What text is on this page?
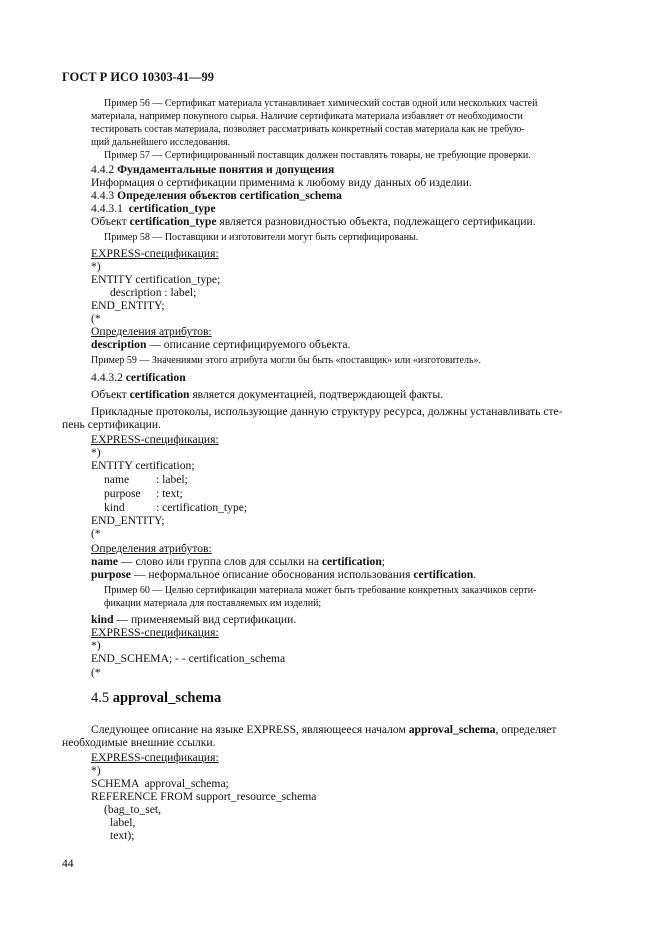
ГОСТ Р ИСО 10303-41—99
Пример 56 — Сертификат материала устанавливает химический состав одной или нескольких частей
материала, например покупного сырья. Наличие сертификата материала избавляет от необходимости
тестировать состав материала, позволяет рассматривать конкретный состав материала как не требую-
щий дальнейшего исследования.
Пример 57 — Сертифицированный поставщик должен поставлять товары, не требующие проверки.
4.4.2 Фундаментальные понятия и допущения
Информация о сертификации применима к любому виду данных об изделии.
4.4.3 Определения объектов certification_schema
4.4.3.1  certification_type
Объект certification_type является разновидностью объекта, подлежащего сертификации.
Пример 58 — Поставщики и изготовители могут быть сертифицированы.
EXPRESS-спецификация:
*)
ENTITY certification_type;
description : label;
END_ENTITY;
(*
Определения атрибутов:
description — описание сертифицируемого объекта.
Пример 59 — Значениями этого атрибута могли бы быть «поставщик» или «изготовитель».
4.4.3.2 certification
Объект certification является документацией, подтверждающей факты.
Прикладные протоколы, использующие данную структуру ресурса, должны устанавливать сте-
пень сертификации.
EXPRESS-спецификация:
*)
ENTITY certification;
name : label;
purpose : text;
kind	: certification_type;
END_ENTITY;
(*
Определения атрибутов:
name — слово или группа слов для ссылки на certification;
purpose — неформальное описание обоснования использования certification.
Пример 60 — Целью сертификации материала может быть требование конкретных заказчиков серти-
фикации материала для поставляемых им изделий;
kind — применяемый вид сертификации.
EXPRESS-спецификация:
*)
END_SCHEMA; - - certification_schema
(*
4.5 approval_schema
Следующее описание на языке EXPRESS, являющееся началом approval_schema, определяет
необходимые внешние ссылки.
EXPRESS-спецификация:
*)
SCHEMA  approval_schema;
REFERENCE FROM support_resource_schema
(bag_to_set,
label,
text);
44
